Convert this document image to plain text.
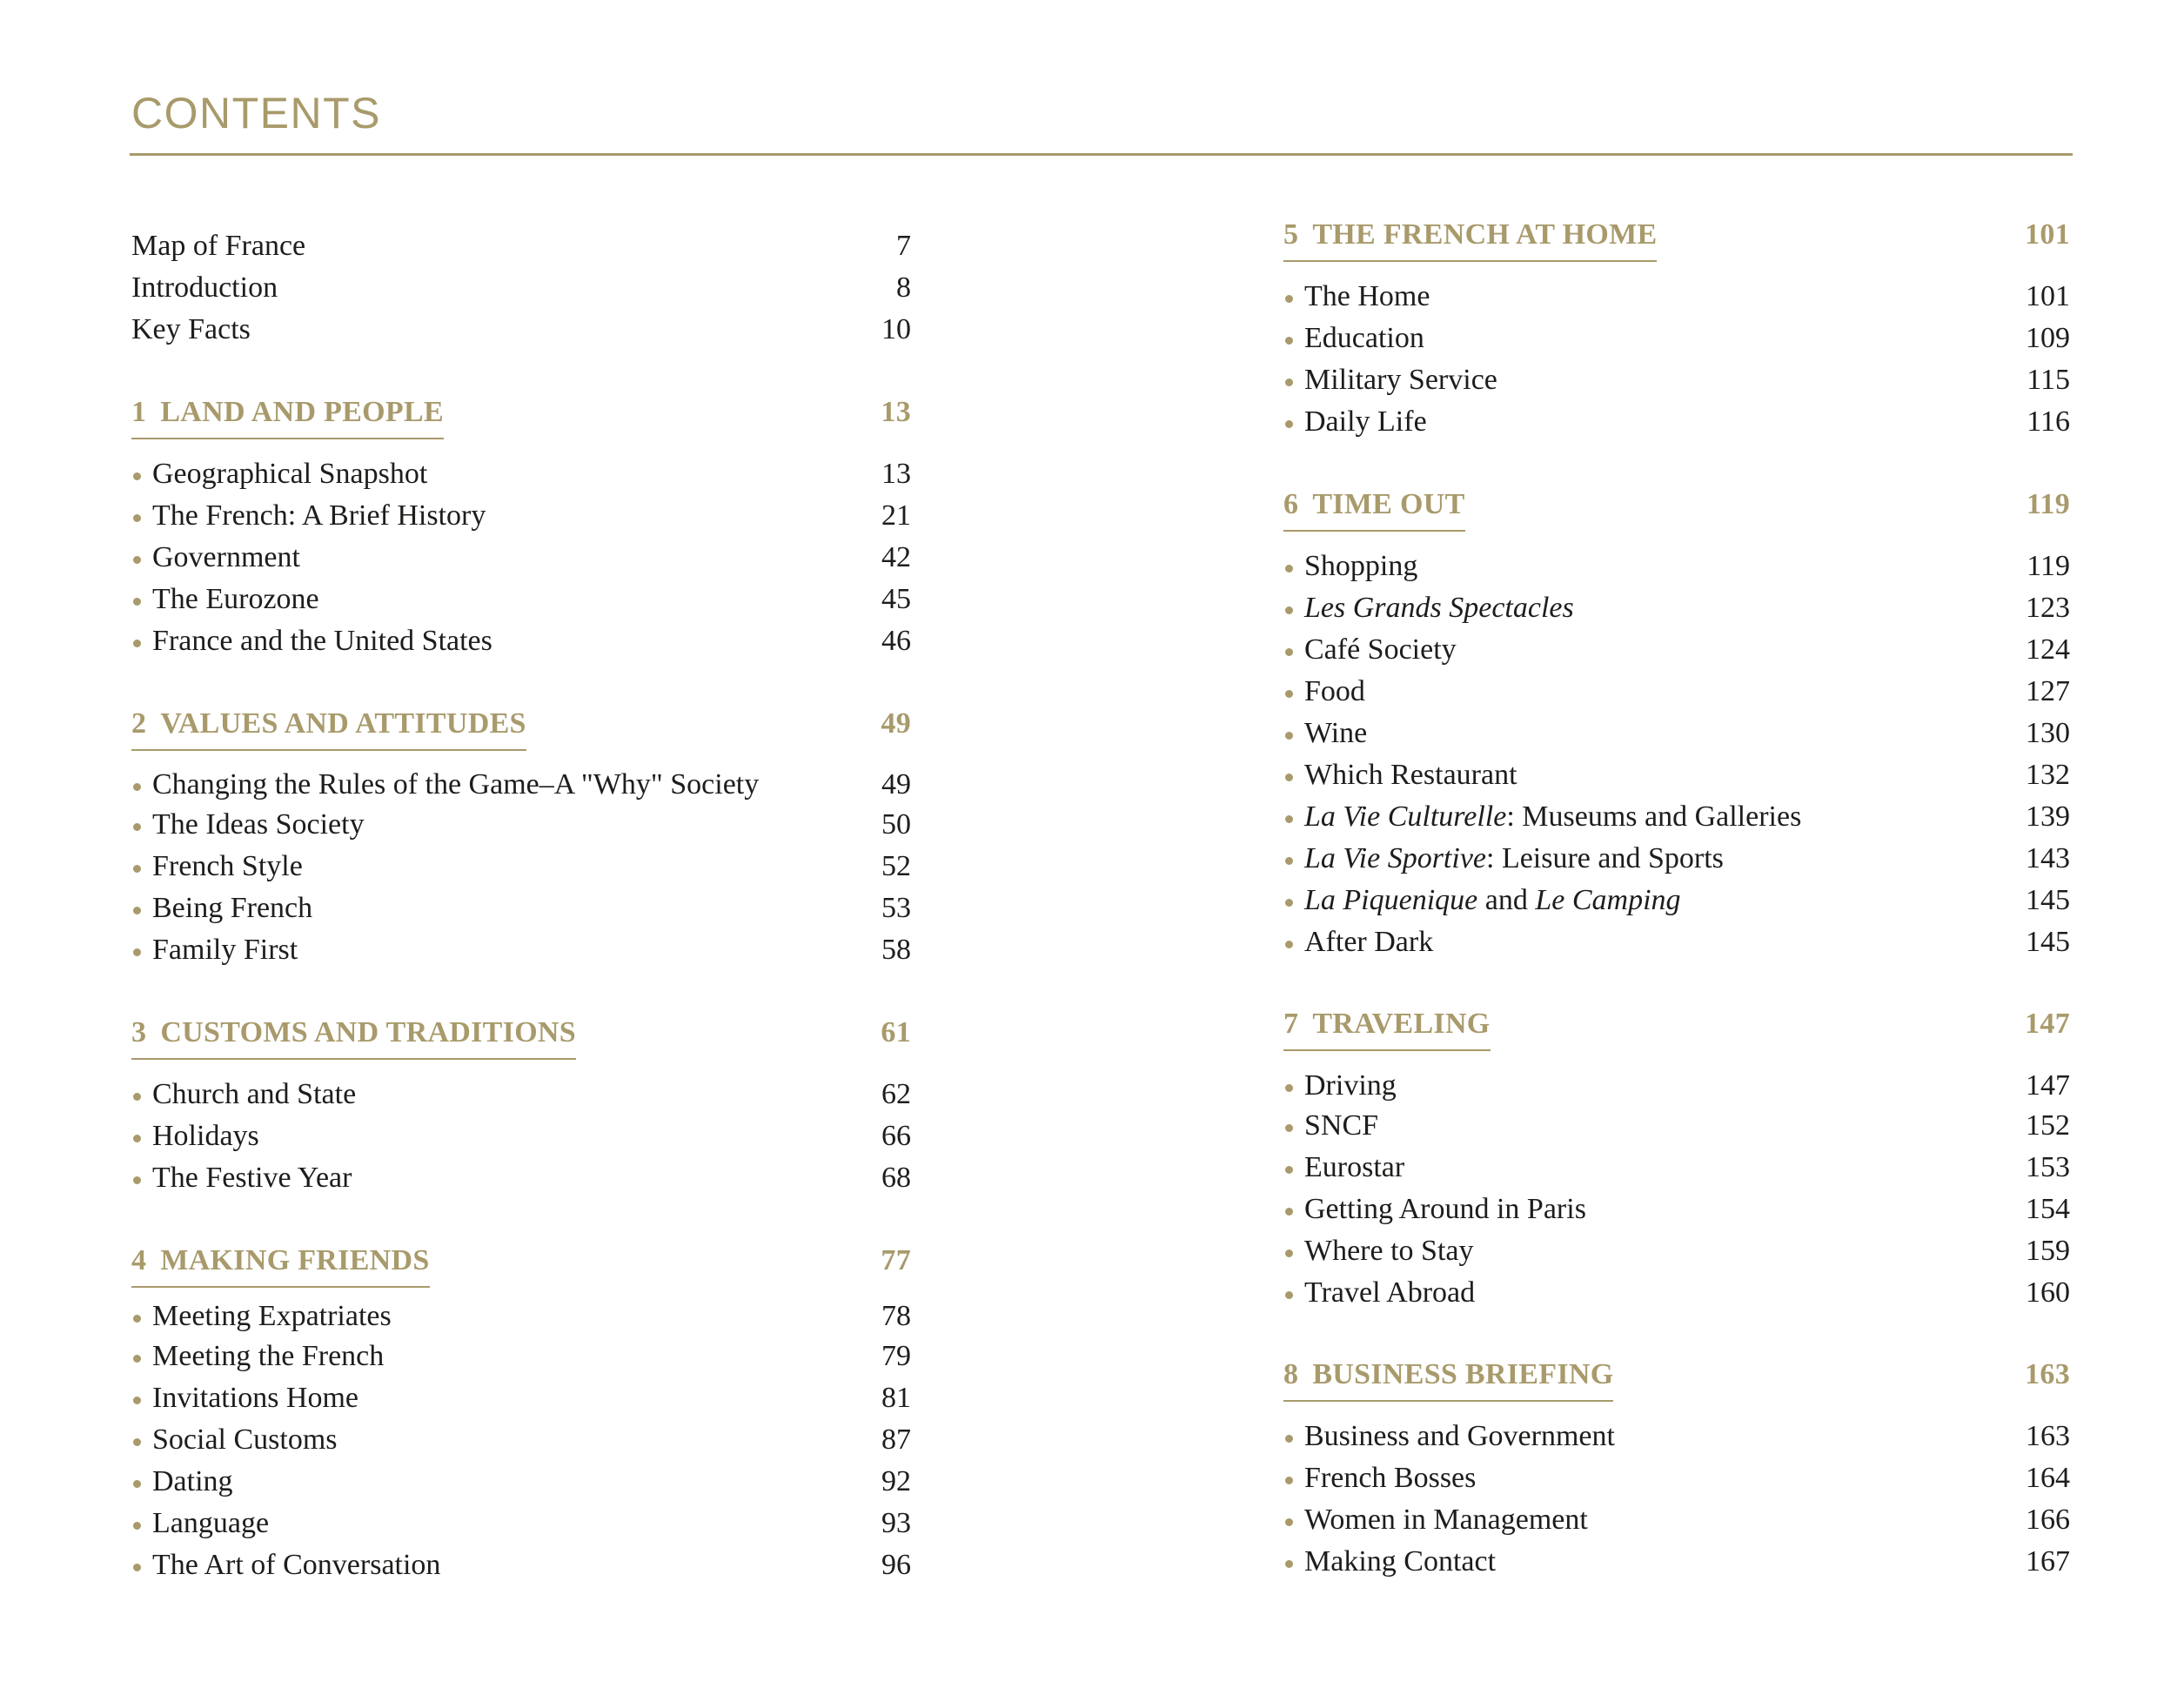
CONTENTS
Map of France	7
Introduction	8
Key Facts	10
1 LAND AND PEOPLE	13
Geographical Snapshot	13
The French: A Brief History	21
Government	42
The Eurozone	45
France and the United States	46
2 VALUES AND ATTITUDES	49
Changing the Rules of the Game–A "Why" Society	49
The Ideas Society	50
French Style	52
Being French	53
Family First	58
3 CUSTOMS AND TRADITIONS	61
Church and State	62
Holidays	66
The Festive Year	68
4 MAKING FRIENDS	77
Meeting Expatriates	78
Meeting the French	79
Invitations Home	81
Social Customs	87
Dating	92
Language	93
The Art of Conversation	96
5 THE FRENCH AT HOME	101
The Home	101
Education	109
Military Service	115
Daily Life	116
6 TIME OUT	119
Shopping	119
Les Grands Spectacles	123
Café Society	124
Food	127
Wine	130
Which Restaurant	132
La Vie Culturelle: Museums and Galleries	139
La Vie Sportive: Leisure and Sports	143
La Piquenique and Le Camping	145
After Dark	145
7 TRAVELING	147
Driving	147
SNCF	152
Eurostar	153
Getting Around in Paris	154
Where to Stay	159
Travel Abroad	160
8 BUSINESS BRIEFING	163
Business and Government	163
French Bosses	164
Women in Management	166
Making Contact	167
